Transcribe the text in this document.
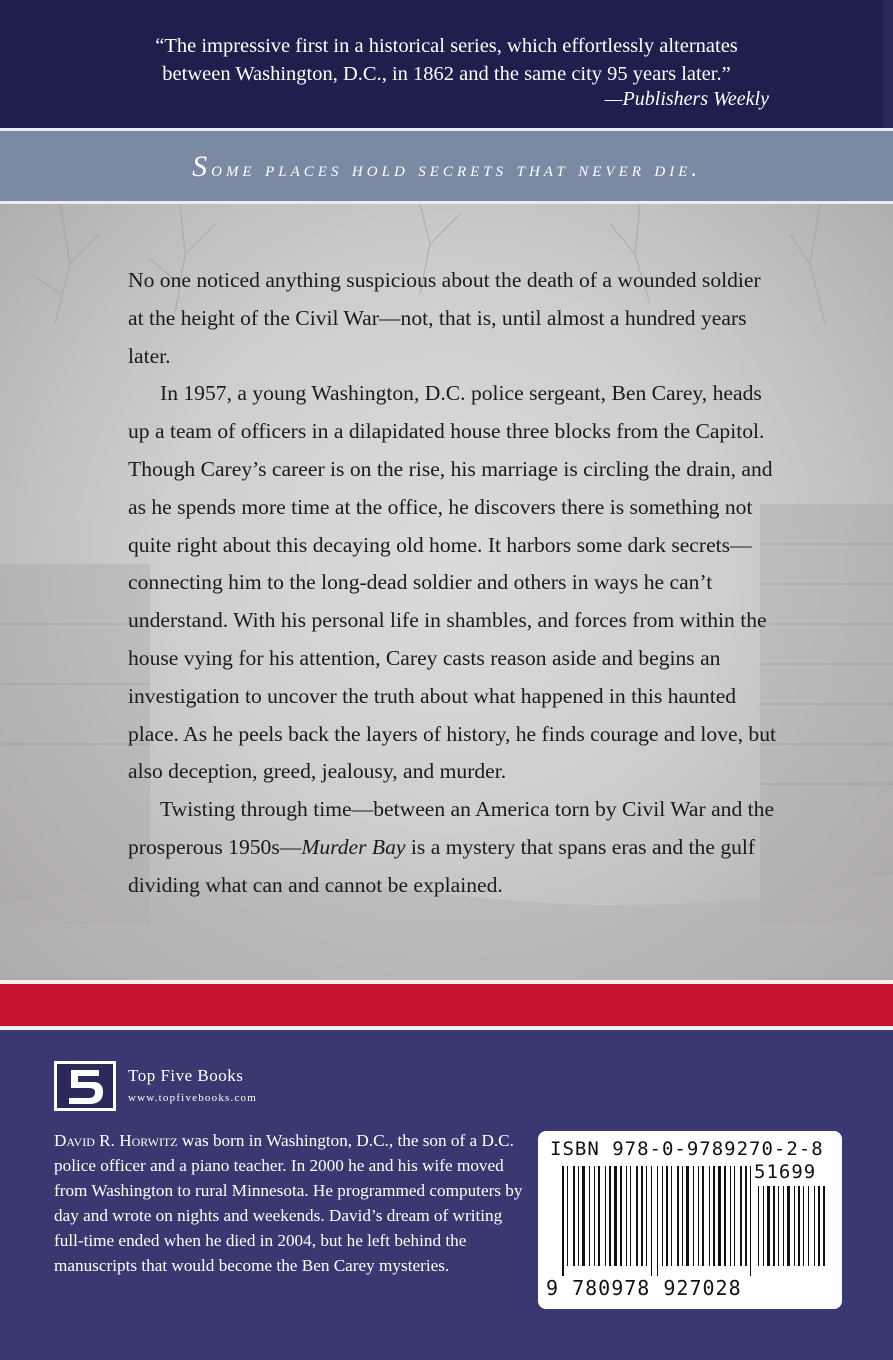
“The impressive first in a historical series, which effortlessly alternates
between Washington, D.C., in 1862 and the same city 95 years later.”
—Publishers Weekly
Some places hold secrets that never die.

No one noticed anything suspicious about the death of a wounded soldier at the height of the Civil War—not, that is, until almost a hundred years later.

In 1957, a young Washington, D.C. police sergeant, Ben Carey, heads up a team of officers in a dilapidated house three blocks from the Capitol. Though Carey’s career is on the rise, his marriage is circling the drain, and as he spends more time at the office, he discovers there is something not quite right about this decaying old home. It harbors some dark secrets—connecting him to the long-dead soldier and others in ways he can’t understand. With his personal life in shambles, and forces from within the house vying for his attention, Carey casts reason aside and begins an investigation to uncover the truth about what happened in this haunted place. As he peels back the layers of history, he finds courage and love, but also deception, greed, jealousy, and murder.

Twisting through time—between an America torn by Civil War and the prosperous 1950s—Murder Bay is a mystery that spans eras and the gulf dividing what can and cannot be explained.

Top Five Books
www.topfivebooks.com
David R. Horwitz was born in Washington, D.C., the son of a D.C. police officer and a piano teacher. In 2000 he and his wife moved from Washington to rural Minnesota. He programmed computers by day and wrote on nights and weekends. David’s dream of writing full-time ended when he died in 2004, but he left behind the manuscripts that would become the Ben Carey mysteries.
ISBN 978-0-9789270-2-8
51699
9 780978 927028
